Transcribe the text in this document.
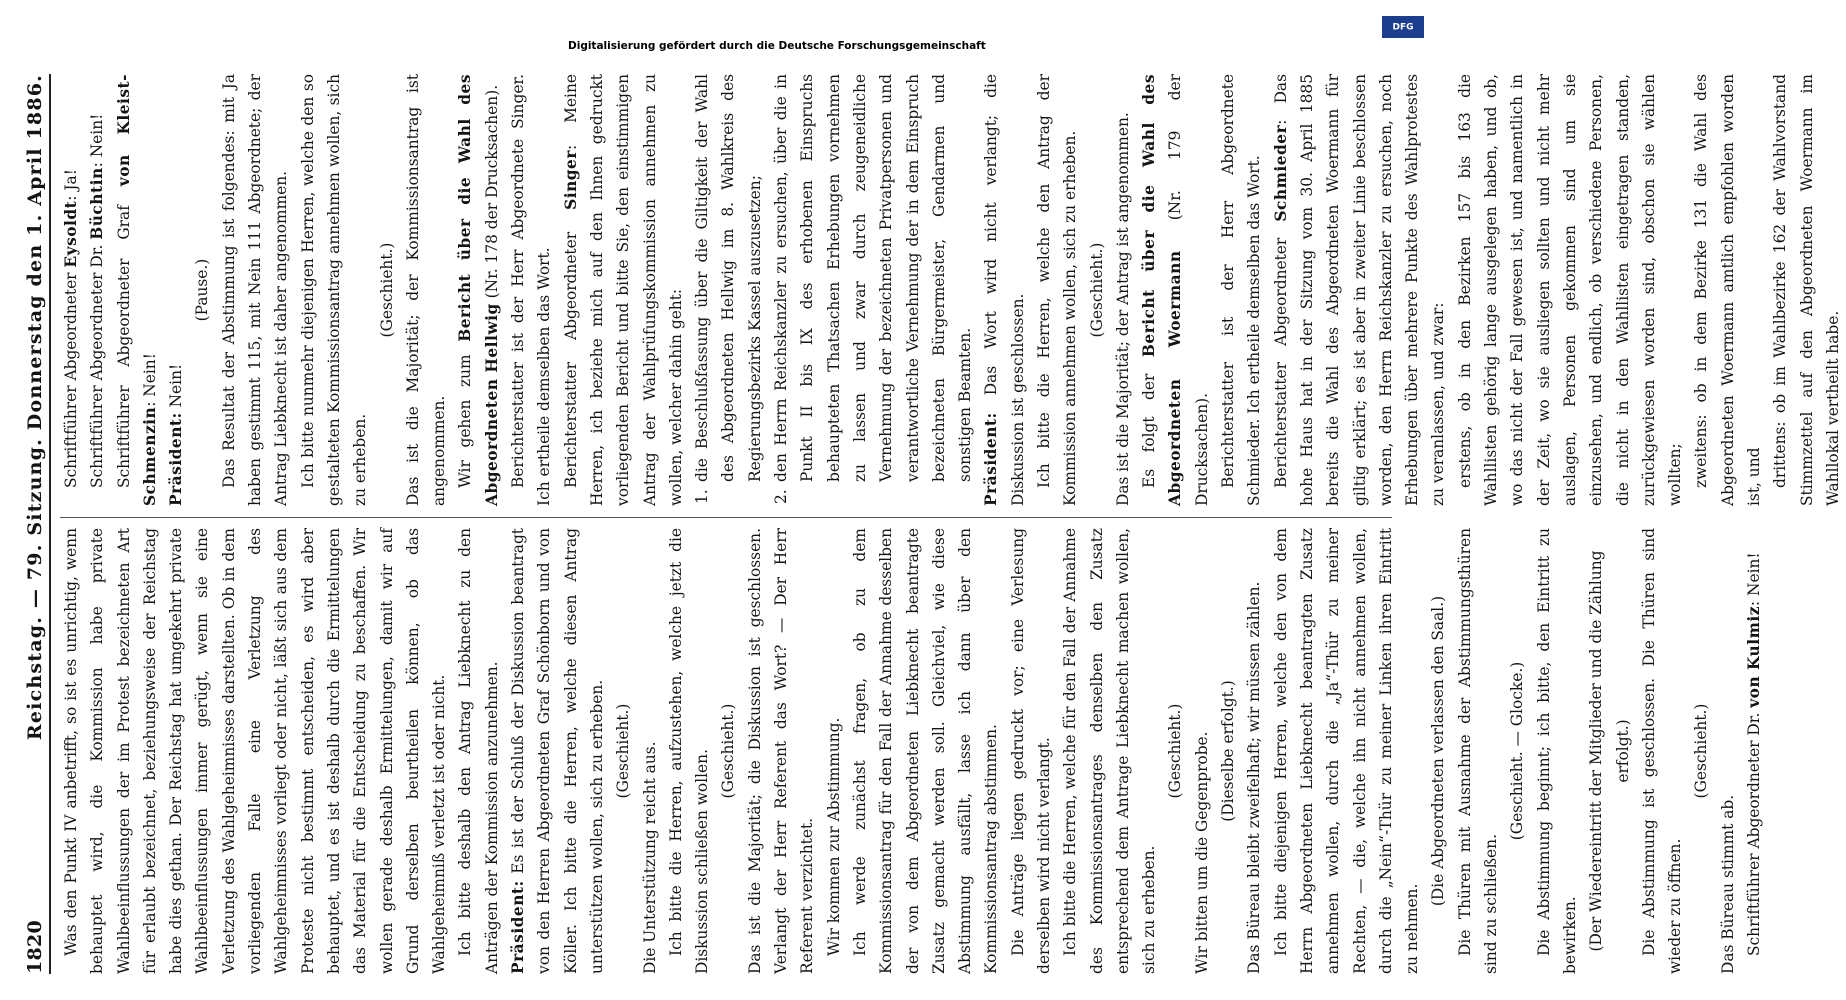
1820
Reichstag. — 79. Sitzung. Donnerstag den 1. April 1886.

Was den Punkt IV anbetrifft, so ist es unrichtig, wenn behauptet wird, die Kommission habe private Wahlbeeinflussungen der im Protest bezeichneten Art für erlaubt bezeichnet, beziehungsweise der Reichstag habe dies gethan. Der Reichstag hat umgekehrt private Wahlbeeinflussungen immer gerügt, wenn sie eine Verletzung des Wahlgeheimnisses darstellten. Ob in dem vorliegenden Falle eine Verletzung des Wahlgeheimnisses vorliegt oder nicht, läßt sich aus dem Proteste nicht bestimmt entscheiden, es wird aber behauptet, und es ist deshalb durch die Ermittelungen das Material für die Entscheidung zu beschaffen. Wir wollen gerade deshalb Ermittelungen, damit wir auf Grund derselben beurtheilen können, ob das Wahlgeheimniß verletzt ist oder nicht. Ich bitte deshalb den Antrag Liebknecht zu den Anträgen der Kommission anzunehmen. Präsident: Es ist der Schluß der Diskussion beantragt von den Herren Abgeordneten Graf Schönborn und von Köller. Ich bitte die Herren, welche diesen Antrag unterstützen wollen, sich zu erheben. (Geschieht.) Die Unterstützung reicht aus. Ich bitte die Herren, aufzustehen, welche jetzt die Diskussion schließen wollen. (Geschieht.) Das ist die Majorität; die Diskussion ist geschlossen. Verlangt der Herr Referent das Wort? — Der Herr Referent verzichtet. Wir kommen zur Abstimmung. Ich werde zunächst fragen, ob zu dem Kommissionsantrag für den Fall der Annahme desselben der von dem Abgeordneten Liebknecht beantragte Zusatz gemacht werden soll. Gleichviel, wie diese Abstimmung ausfällt, lasse ich dann über den Kommissionsantrag abstimmen. Die Anträge liegen gedruckt vor; eine Verlesung derselben wird nicht verlangt. Ich bitte die Herren, welche für den Fall der Annahme des Kommissionsantrages denselben den Zusatz entsprechend dem Antrage Liebknecht machen wollen, sich zu erheben.

(Geschieht.) Wir bitten um die Gegenprobe. (Dieselbe erfolgt.) Das Büreau bleibt zweifelhaft; wir müssen zählen. Ich bitte diejenigen Herren, welche den von dem Herrn Abgeordneten Liebknecht beantragten Zusatz annehmen wollen, durch die „Ja“-Thür zu meiner Rechten, — die, welche ihn nicht annehmen wollen, durch die „Nein“-Thür zu meiner Linken ihren Eintritt zu nehmen.

(Die Abgeordneten verlassen den Saal.) Die Thüren mit Ausnahme der Abstimmungsthüren sind zu schließen.

(Geschieht. — Glocke.) Die Abstimmung beginnt; ich bitte, den Eintritt zu bewirken. (Der Wiedereintritt der Mitglieder und die Zählung erfolgt.) Die Abstimmung ist geschlossen. Die Thüren sind wieder zu öffnen.

(Geschieht.)

Das Büreau stimmt ab. Schriftführer Abgeordneter Dr. von Kulmiz: Nein!

Schriftführer Abgeordneter Eysoldt: Ja!

Schriftführer Abgeordneter Dr. Büchtin: Nein!

Schriftführer Abgeordneter Graf von Kleist-Schmenzin: Nein!

Präsident: Nein!

(Pause.) Das Resultat der Abstimmung ist folgendes: mit Ja haben gestimmt 115, mit Nein 111 Abgeordnete; der Antrag Liebknecht ist daher angenommen. Ich bitte nunmehr diejenigen Herren, welche den so gestalteten Kommissionsantrag annehmen wollen, sich zu erheben.

(Geschieht.) Das ist die Majorität; der Kommissionsantrag ist angenommen. Wir gehen zum Bericht über die Wahl des Abgeordneten Hellwig (Nr. 178 der Drucksachen). Berichterstatter ist der Herr Abgeordnete Singer. Ich ertheile demselben das Wort. Berichterstatter Abgeordneter Singer: Meine Herren, ich beziehe mich auf den Ihnen gedruckt vorliegenden Bericht und bitte Sie, den einstimmigen Antrag der Wahlprüfungskommission annehmen zu wollen, welcher dahin geht: 1.
die Beschlußfassung über die Giltigkeit der Wahl des Abgeordneten Hellwig im 8. Wahlkreis des Regierungsbezirks Kassel auszusetzen;

2.
den Herrn Reichskanzler zu ersuchen, über die in Punkt II bis IX des erhobenen Einspruchs behaupteten Thatsachen Erhebungen vornehmen zu lassen und zwar durch zeugeneidliche Vernehmung der bezeichneten Privatpersonen und verantwortliche Vernehmung der in dem Einspruch bezeichneten Bürgermeister, Gendarmen und sonstigen Beamten. Präsident: Das Wort wird nicht verlangt; die Diskussion ist geschlossen. Ich bitte die Herren, welche den Antrag der Kommission annehmen wollen, sich zu erheben. (Geschieht.) Das ist die Majorität; der Antrag ist angenommen. Es folgt der Bericht über die Wahl des Abgeordneten Woermann (Nr. 179 der Drucksachen). Berichterstatter ist der Herr Abgeordnete Schmieder. Ich ertheile demselben das Wort. Berichterstatter Abgeordneter Schmieder: Das hohe Haus hat in der Sitzung vom 30. April 1885 bereits die Wahl des Abgeordneten Woermann für giltig erklärt; es ist aber in zweiter Linie beschlossen worden, den Herrn Reichskanzler zu ersuchen, noch Erhebungen über mehrere Punkte des Wahlprotestes zu veranlassen, und zwar: erstens, ob in den Bezirken 157 bis 163 die Wahllisten gehörig lange ausgelegen haben, und ob, wo das nicht der Fall gewesen ist, und namentlich in der Zeit, wo sie ausliegen sollten und nicht mehr auslagen, Personen gekommen sind um sie einzusehen, und endlich, ob verschiedene Personen, die nicht in den Wahllisten eingetragen standen, zurückgewiesen worden sind, obschon sie wählen wollten; zweitens: ob in dem Bezirke 131 die Wahl des Abgeordneten Woermann amtlich empfohlen worden ist, und drittens: ob im Wahlbezirke 162 der Wahlvorstand Stimmzettel auf den Abgeordneten Woermann im Wahllokal vertheilt habe.

Digitalisierung gefördert durch die Deutsche Forschungsgemeinschaft
DFG
